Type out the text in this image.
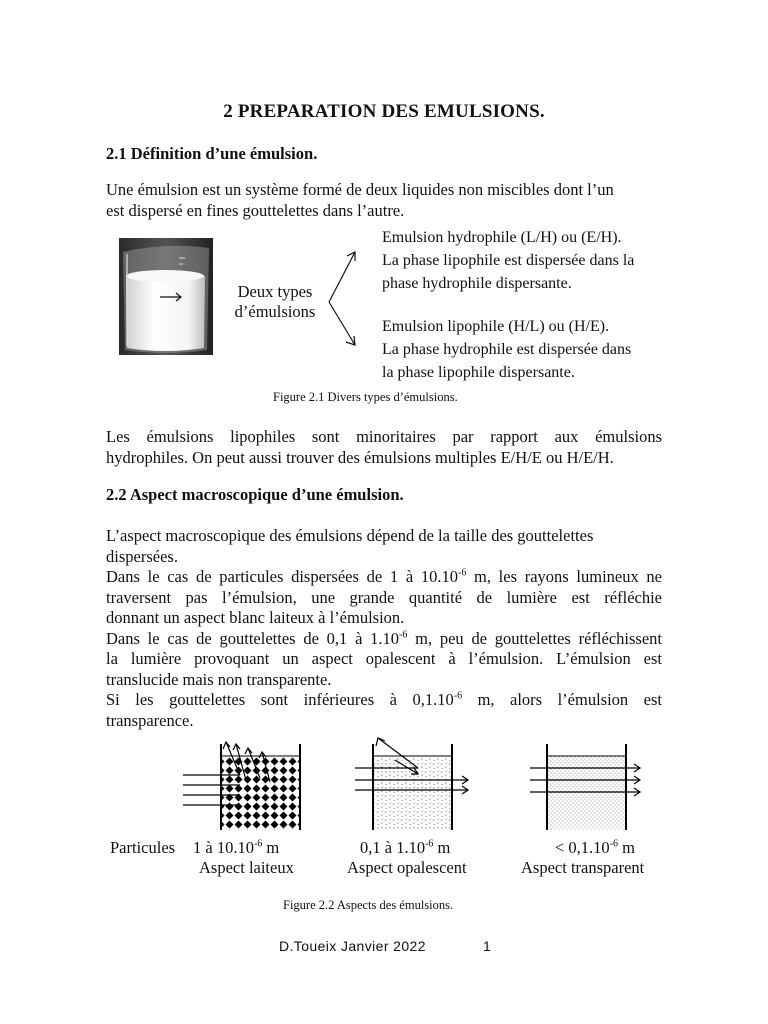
2 PREPARATION DES EMULSIONS.
2.1 Définition d’une émulsion.
Une émulsion est un système formé de deux liquides non miscibles dont l’un
est dispersé en fines gouttelettes dans l’autre.
Deux types
d’émulsions
Emulsion hydrophile (L/H) ou (E/H).
La phase lipophile est dispersée dans la
phase hydrophile dispersante.
Emulsion lipophile (H/L) ou (H/E).
La phase hydrophile est dispersée dans
la phase lipophile dispersante.
Figure 2.1 Divers types d’émulsions.
Les émulsions lipophiles sont minoritaires par rapport aux émulsions
hydrophiles. On peut aussi trouver des émulsions multiples E/H/E ou H/E/H.
2.2 Aspect macroscopique d’une émulsion.
L’aspect macroscopique des émulsions dépend de la taille des gouttelettes
dispersées.
Dans le cas de particules dispersées de 1 à $10.10^{-6}$ m, les rayons lumineux ne
traversent pas l’émulsion, une grande quantité de lumière est réfléchie
donnant un aspect blanc laiteux à l’émulsion.
Dans le cas de gouttelettes de 0,1 à $1.10^{-6}$ m, peu de gouttelettes réfléchissent
la lumière provoquant un aspect opalescent à l’émulsion. L’émulsion est
translucide mais non transparente.
Si les gouttelettes sont inférieures à $0,1.10^{-6}$ m, alors l’émulsion est
transparence.
Particules 1 à $10.10^{-6}$ m	0,1 à $1.10^{-6}$ m	< $0,1.10^{-6}$ m
Aspect laiteux	Aspect opalescent	Aspect transparent
Figure 2.2 Aspects des émulsions.
D.Toueix Janvier 2022	1
